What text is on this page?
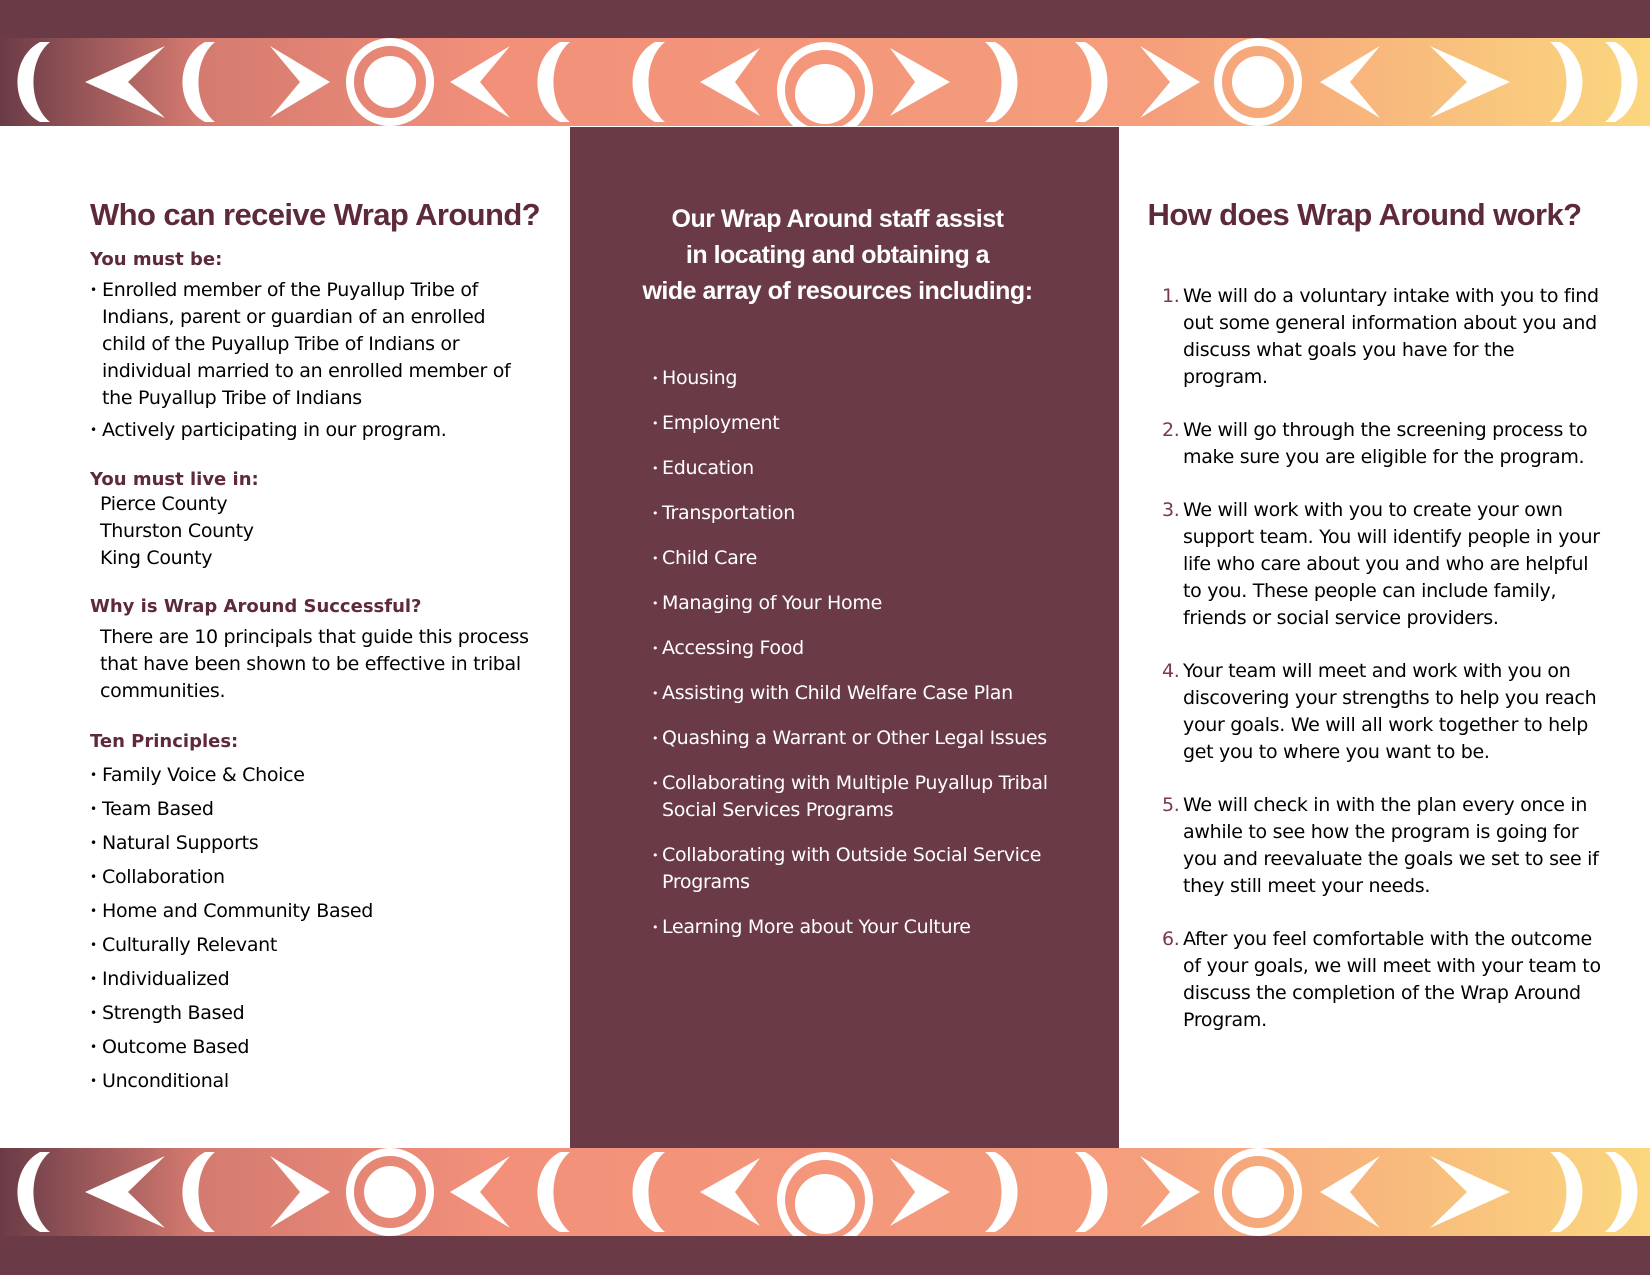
Who can receive Wrap Around?

You must be:

• Enrolled member of the Puyallup Tribe of Indians, parent or guardian of an enrolled child of the Puyallup Tribe of Indians or individual married to an enrolled member of the Puyallup Tribe of Indians
• Actively participating in our program.

You must live in:

Pierce County
Thurston County
King County

Why is Wrap Around Successful?

There are 10 principals that guide this process that have been shown to be effective in tribal communities.

Ten Principles:

• Family Voice & Choice
• Team Based
• Natural Supports
• Collaboration
• Home and Community Based
• Culturally Relevant
• Individualized
• Strength Based
• Outcome Based
• Unconditional
Our Wrap Around staff assist
in locating and obtaining a
wide array of resources including:
• Housing
• Employment
• Education
• Transportation
• Child Care
• Managing of Your Home
• Accessing Food
• Assisting with Child Welfare Case Plan
• Quashing a Warrant or Other Legal Issues
• Collaborating with Multiple Puyallup Tribal Social Services Programs
• Collaborating with Outside Social Service Programs
• Learning More about Your Culture
How does Wrap Around work?
1. We will do a voluntary intake with you to find out some general information about you and discuss what goals you have for the program.
2. We will go through the screening process to make sure you are eligible for the program.
3. We will work with you to create your own support team. You will identify people in your life who care about you and who are helpful to you. These people can include family, friends or social service providers.
4. Your team will meet and work with you on discovering your strengths to help you reach your goals. We will all work together to help get you to where you want to be.
5. We will check in with the plan every once in awhile to see how the program is going for you and reevaluate the goals we set to see if they still meet your needs.
6. After you feel comfortable with the outcome of your goals, we will meet with your team to discuss the completion of the Wrap Around Program.
